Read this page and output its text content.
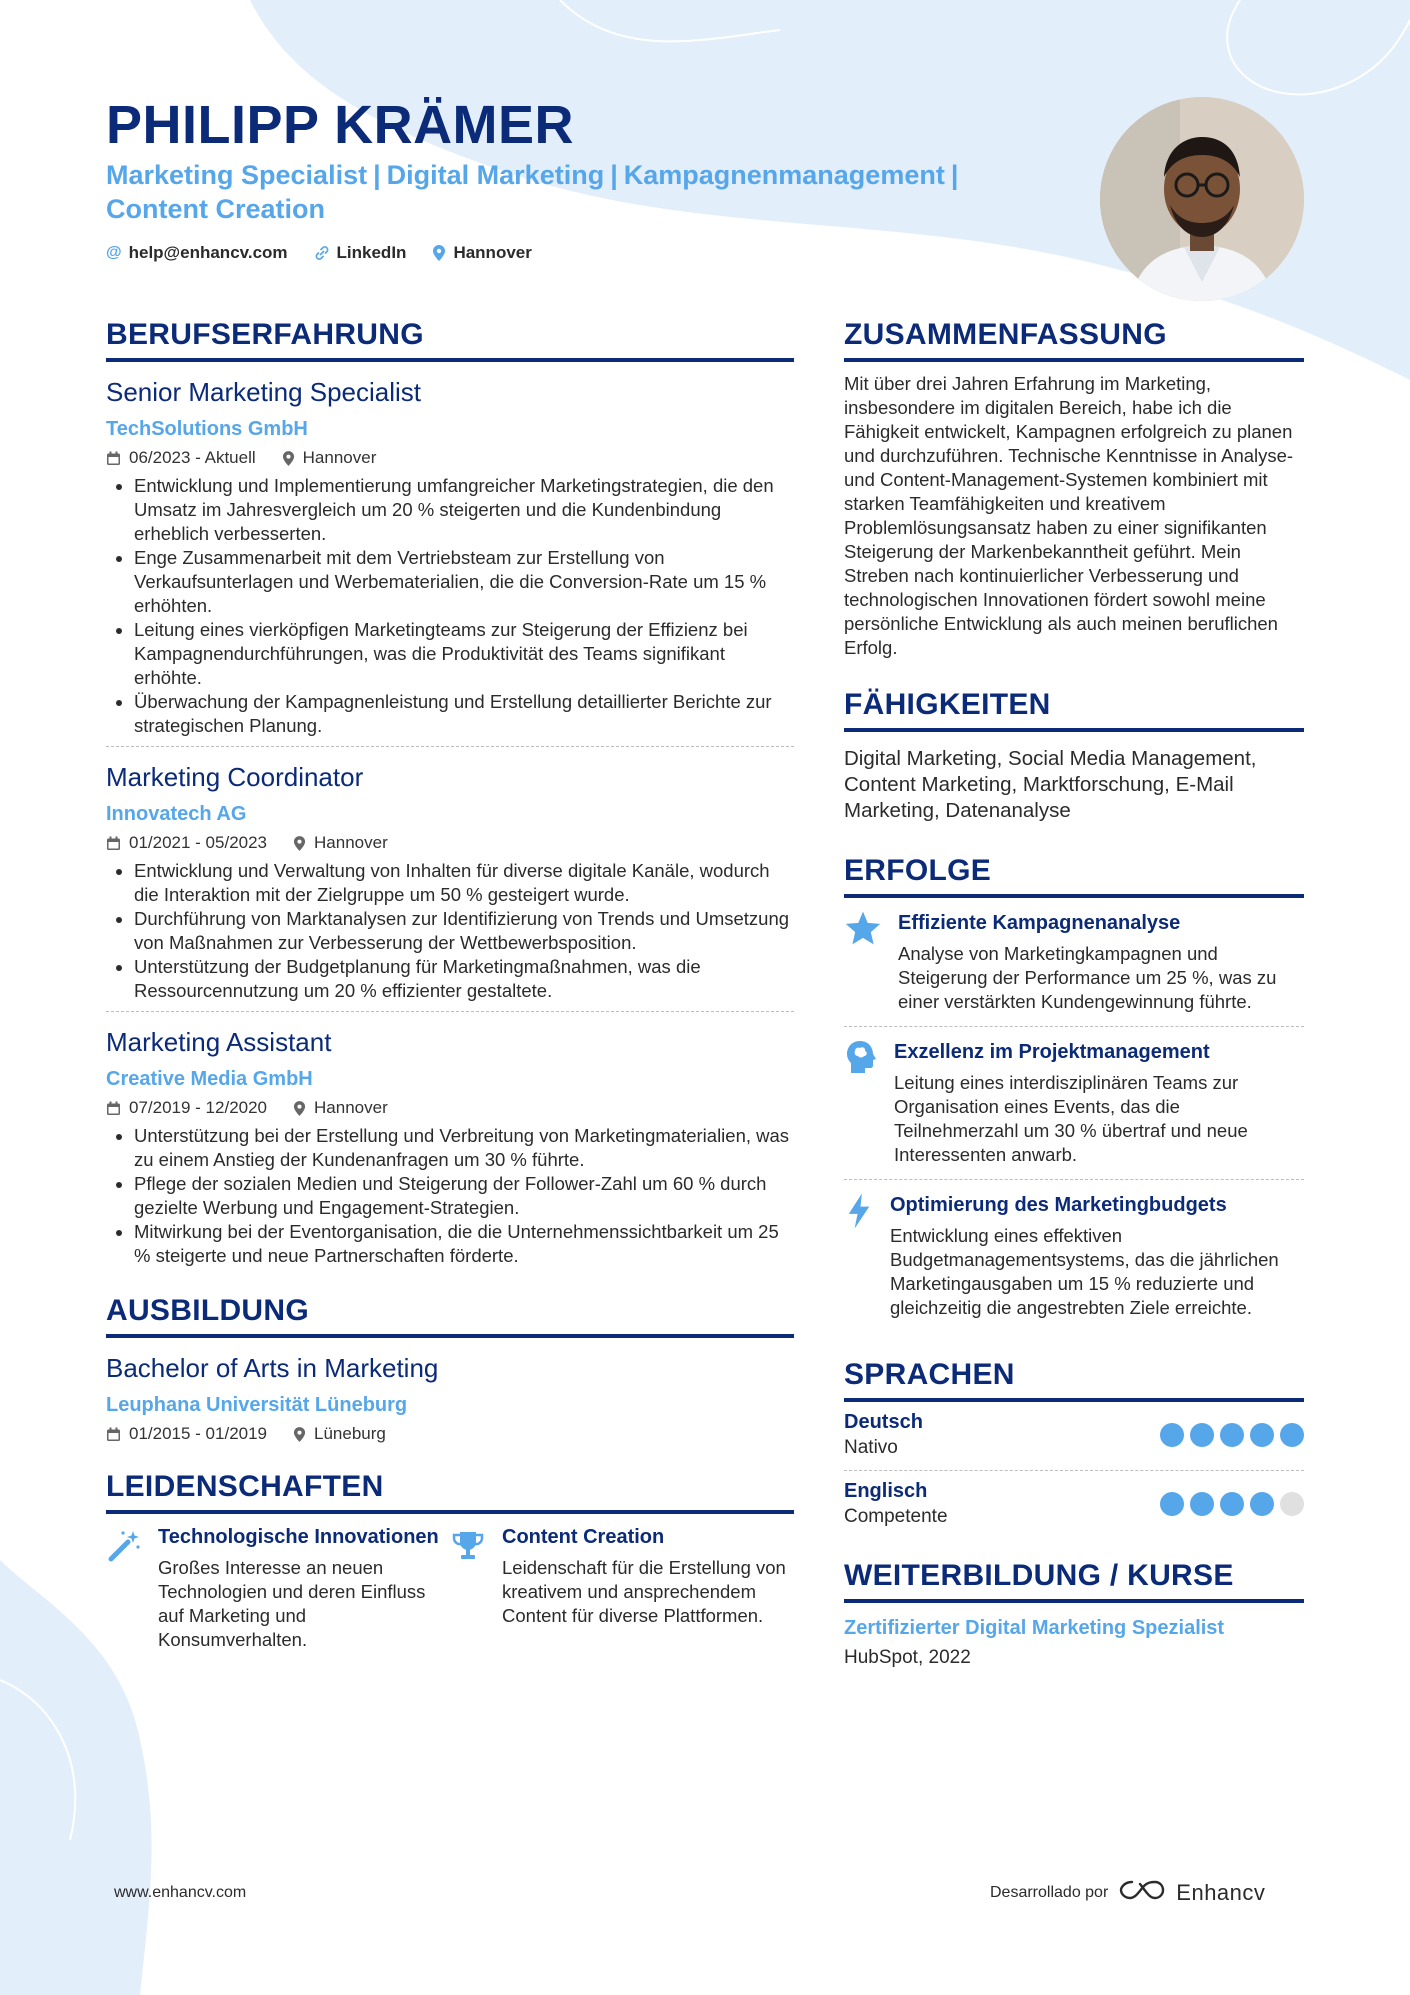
PHILIPP KRÄMER
Marketing Specialist | Digital Marketing | Kampagnenmanagement |
Content Creation
@ help@enhancv.com	LinkedIn	Hannover
BERUFSERFAHRUNG
Senior Marketing Specialist
TechSolutions GmbH
06/2023 - Aktuell	Hannover
• Entwicklung und Implementierung umfangreicher Marketingstrategien, die den Umsatz im Jahresvergleich um 20 % steigerten und die Kundenbindung erheblich verbesserten.
• Enge Zusammenarbeit mit dem Vertriebsteam zur Erstellung von Verkaufsunterlagen und Werbematerialien, die die Conversion-Rate um 15 % erhöhten.
• Leitung eines vierköpfigen Marketingteams zur Steigerung der Effizienz bei Kampagnendurchführungen, was die Produktivität des Teams signifikant erhöhte.
• Überwachung der Kampagnenleistung und Erstellung detaillierter Berichte zur strategischen Planung.
Marketing Coordinator
Innovatech AG
01/2021 - 05/2023	Hannover
• Entwicklung und Verwaltung von Inhalten für diverse digitale Kanäle, wodurch die Interaktion mit der Zielgruppe um 50 % gesteigert wurde.
• Durchführung von Marktanalysen zur Identifizierung von Trends und Umsetzung von Maßnahmen zur Verbesserung der Wettbewerbsposition.
• Unterstützung der Budgetplanung für Marketingmaßnahmen, was die Ressourcennutzung um 20 % effizienter gestaltete.
Marketing Assistant
Creative Media GmbH
07/2019 - 12/2020	Hannover
• Unterstützung bei der Erstellung und Verbreitung von Marketingmaterialien, was zu einem Anstieg der Kundenanfragen um 30 % führte.
• Pflege der sozialen Medien und Steigerung der Follower-Zahl um 60 % durch gezielte Werbung und Engagement-Strategien.
• Mitwirkung bei der Eventorganisation, die die Unternehmenssichtbarkeit um 25 % steigerte und neue Partnerschaften förderte.
AUSBILDUNG
Bachelor of Arts in Marketing
Leuphana Universität Lüneburg
01/2015 - 01/2019	Lüneburg
LEIDENSCHAFTEN
Technologische Innovationen
Großes Interesse an neuen Technologien und deren Einfluss auf Marketing und Konsumverhalten.
Content Creation
Leidenschaft für die Erstellung von kreativem und ansprechendem Content für diverse Plattformen.
ZUSAMMENFASSUNG
Mit über drei Jahren Erfahrung im Marketing, insbesondere im digitalen Bereich, habe ich die Fähigkeit entwickelt, Kampagnen erfolgreich zu planen und durchzuführen. Technische Kenntnisse in Analyse- und Content-Management-Systemen kombiniert mit starken Teamfähigkeiten und kreativem Problemlösungsansatz haben zu einer signifikanten Steigerung der Markenbekanntheit geführt. Mein Streben nach kontinuierlicher Verbesserung und technologischen Innovationen fördert sowohl meine persönliche Entwicklung als auch meinen beruflichen Erfolg.
FÄHIGKEITEN
Digital Marketing, Social Media Management, Content Marketing, Marktforschung, E-Mail Marketing, Datenanalyse
ERFOLGE
Effiziente Kampagnenanalyse
Analyse von Marketingkampagnen und Steigerung der Performance um 25 %, was zu einer verstärkten Kundengewinnung führte.
Exzellenz im Projektmanagement
Leitung eines interdisziplinären Teams zur Organisation eines Events, das die Teilnehmerzahl um 30 % übertraf und neue Interessenten anwarb.
Optimierung des Marketingbudgets
Entwicklung eines effektiven Budgetmanagementsystems, das die jährlichen Marketingausgaben um 15 % reduzierte und gleichzeitig die angestrebten Ziele erreichte.
SPRACHEN
Deutsch
Nativo
Englisch
Competente
WEITERBILDUNG / KURSE
Zertifizierter Digital Marketing Spezialist
HubSpot, 2022
www.enhancv.com	Desarrollado por	Enhancv
